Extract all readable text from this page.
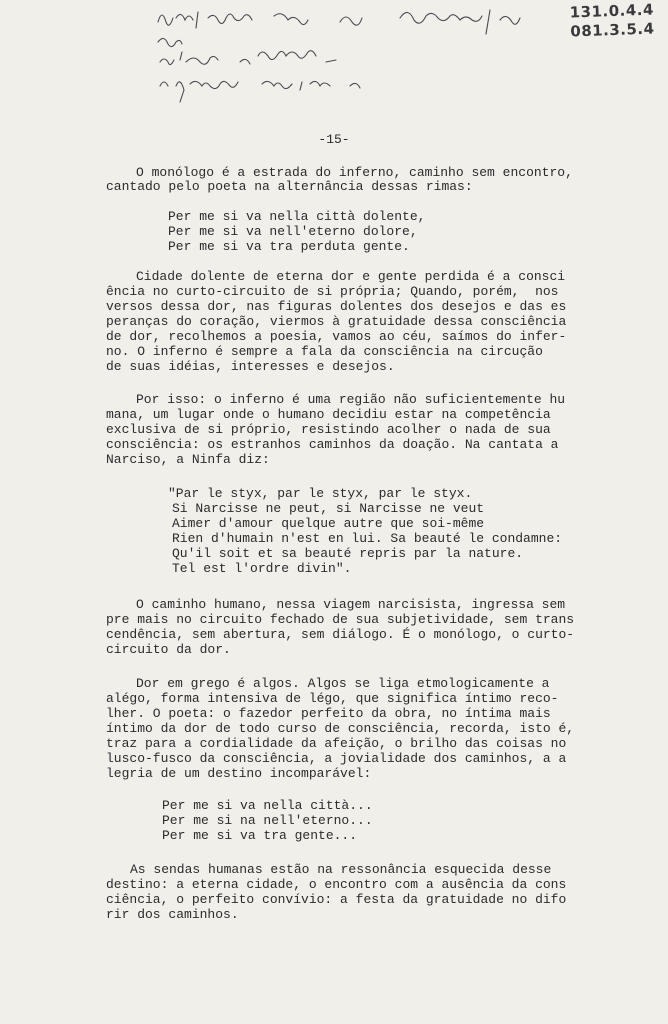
131.0.4.4
081.3.5.4
-15-
O monólogo é a estrada do inferno, caminho sem encontro,
cantado pelo poeta na alternância dessas rimas:
Per me si va nella città dolente,
Per me si va nell'eterno dolore,
Per me si va tra perduta gente.
Cidade dolente de eterna dor e gente perdida é a consci
ência no curto-circuito de si própria; Quando, porém,  nos
versos dessa dor, nas figuras dolentes dos desejos e das es
peranças do coração, viermos à gratuidade dessa consciência
de dor, recolhemos a poesia, vamos ao céu, saímos do infer-
no. O inferno é sempre a fala da consciência na circução
de suas idéias, interesses e desejos.
Por isso: o inferno é uma região não suficientemente hu
mana, um lugar onde o humano decidiu estar na competência
exclusiva de si próprio, resistindo acolher o nada de sua
consciência: os estranhos caminhos da doação. Na cantata a
Narciso, a Ninfa diz:
"Par le styx, par le styx, par le styx.
Si Narcisse ne peut, si Narcisse ne veut
Aimer d'amour quelque autre que soi-même
Rien d'humain n'est en lui. Sa beauté le condamne:
Qu'il soit et sa beauté repris par la nature.
Tel est l'ordre divin".
O caminho humano, nessa viagem narcisista, ingressa sem
pre mais no circuito fechado de sua subjetividade, sem trans
cendência, sem abertura, sem diálogo. É o monólogo, o curto-
circuito da dor.
Dor em grego é algos. Algos se liga etmologicamente a
alégo, forma intensiva de légo, que significa íntimo reco-
lher. O poeta: o fazedor perfeito da obra, no íntima mais
íntimo da dor de todo curso de consciência, recorda, isto é,
traz para a cordialidade da afeição, o brilho das coisas no
lusco-fusco da consciência, a jovialidade dos caminhos, a a
legria de um destino incomparável:
Per me si va nella città...
Per me si na nell'eterno...
Per me si va tra gente...
As sendas humanas estão na ressonância esquecida desse
destino: a eterna cidade, o encontro com a ausência da cons
ciência, o perfeito convívio: a festa da gratuidade no difo
rir dos caminhos.
